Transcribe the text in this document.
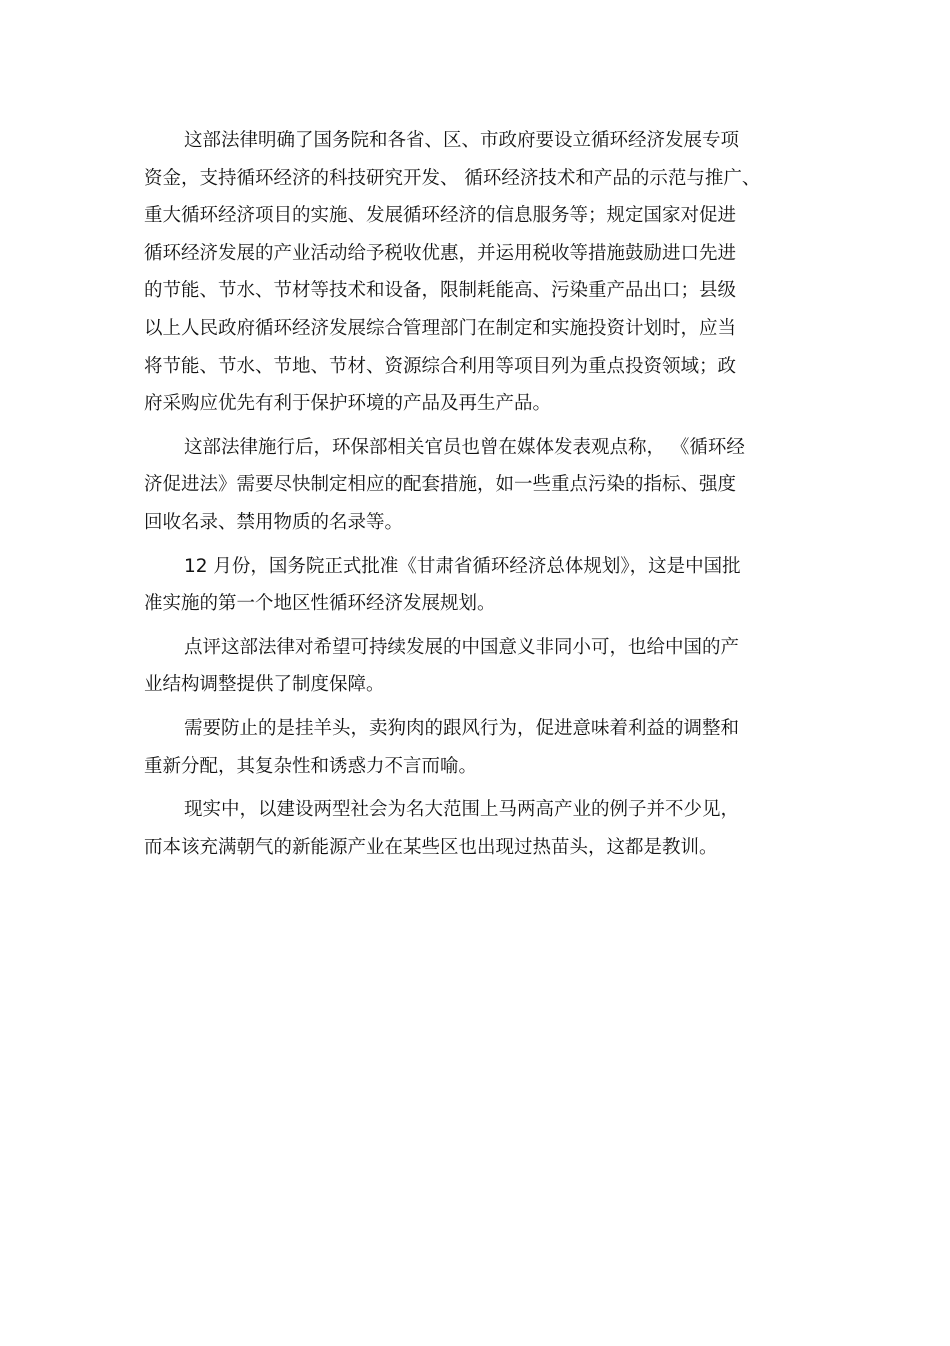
这部法律明确了国务院和各省、区、市政府要设立循环经济发展专项
资金，支持循环经济的科技研究开发、 循环经济技术和产品的示范与推广、
重大循环经济项目的实施、发展循环经济的信息服务等；规定国家对促进
循环经济发展的产业活动给予税收优惠，并运用税收等措施鼓励进口先进
的节能、节水、节材等技术和设备，限制耗能高、污染重产品出口；县级
以上人民政府循环经济发展综合管理部门在制定和实施投资计划时，应当
将节能、节水、节地、节材、资源综合利用等项目列为重点投资领域；政
府采购应优先有利于保护环境的产品及再生产品。
这部法律施行后，环保部相关官员也曾在媒体发表观点称， 《循环经
济促进法》需要尽快制定相应的配套措施，如一些重点污染的指标、强度
回收名录、禁用物质的名录等。
12 月份，国务院正式批准《甘肃省循环经济总体规划》，这是中国批
准实施的第一个地区性循环经济发展规划。
点评这部法律对希望可持续发展的中国意义非同小可，也给中国的产
业结构调整提供了制度保障。
需要防止的是挂羊头，卖狗肉的跟风行为，促进意味着利益的调整和
重新分配，其复杂性和诱惑力不言而喻。
现实中，以建设两型社会为名大范围上马两高产业的例子并不少见，
而本该充满朝气的新能源产业在某些区也出现过热苗头，这都是教训。
